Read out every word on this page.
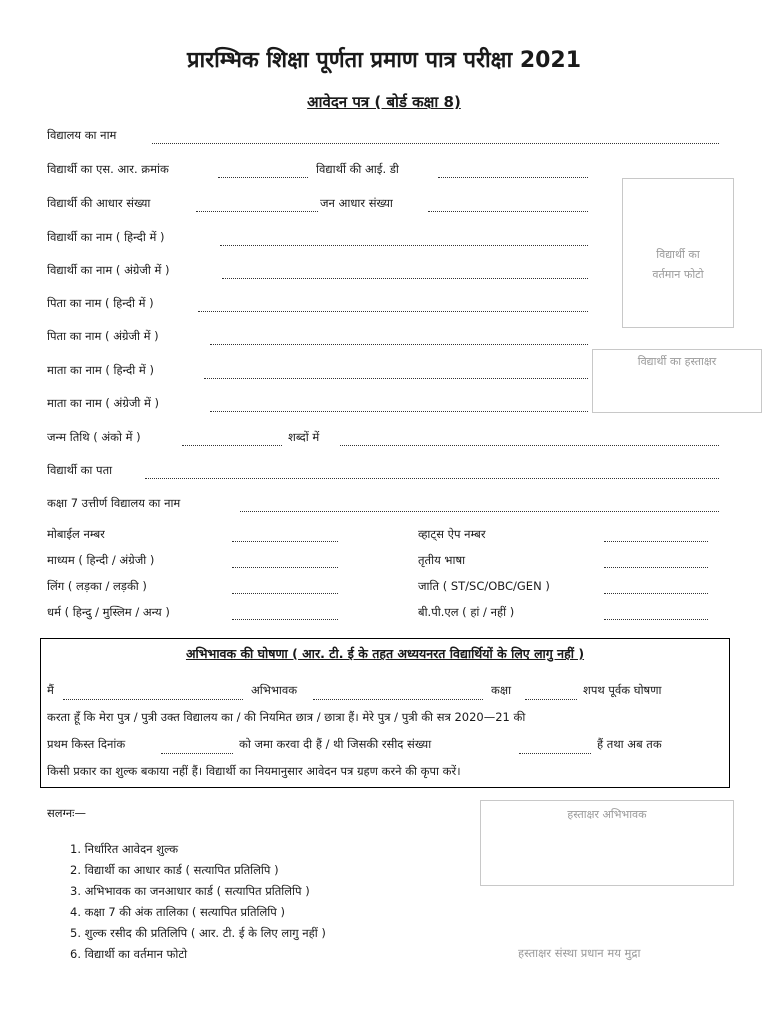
प्रारम्भिक शिक्षा पूर्णता प्रमाण पात्र परीक्षा 2021
आवेदन पत्र ( बोर्ड कक्षा 8)
विद्यालय का नाम
विद्यार्थी का एस. आर. क्रमांक	विद्यार्थी की आई. डी
विद्यार्थी की आधार संख्या	जन आधार संख्या
विद्यार्थी का नाम ( हिन्दी में )
विद्यार्थी का नाम ( अंग्रेजी में )
पिता का नाम ( हिन्दी में )
पिता का नाम ( अंग्रेजी में )
माता का नाम ( हिन्दी में )
माता का नाम ( अंग्रेजी में )
जन्म तिथि ( अंको में )	शब्दों में
विद्यार्थी का पता
कक्षा 7 उत्तीर्ण विद्यालय का नाम
मोबाईल नम्बर	व्हाट्स ऐप नम्बर
माध्यम ( हिन्दी / अंग्रेजी )	तृतीय भाषा
लिंग ( लड़का / लड़की )	जाति ( ST/SC/OBC/GEN )
धर्म ( हिन्दु / मुस्लिम / अन्य )	बी.पी.एल ( हां / नहीं )
विद्यार्थी का
वर्तमान फोटो
विद्यार्थी का हस्ताक्षर
अभिभावक की घोषणा ( आर. टी. ई के तहत अध्ययनरत विद्यार्थियों के लिए लागु नहीं )
मैं	अभिभावक	कक्षा	शपथ पूर्वक घोषणा
करता हूँ कि मेरा पुत्र / पुत्री उक्त विद्यालय का / की नियमित छात्र / छात्रा हैं। मेरे पुत्र / पुत्री की सत्र 2020—21 की
प्रथम किस्त दिनांक	को जमा करवा दी हैं / थी जिसकी रसीद संख्या	हैं तथा अब तक
किसी प्रकार का शुल्क बकाया नहीं हैं। विद्यार्थी का नियमानुसार आवेदन पत्र ग्रहण करने की कृपा करें।
सलग्नः—
1. निर्धारित आवेदन शुल्क
2. विद्यार्थी का आधार कार्ड ( सत्यापित प्रतिलिपि )
3. अभिभावक का जनआधार कार्ड ( सत्यापित प्रतिलिपि )
4. कक्षा 7 की अंक तालिका ( सत्यापित प्रतिलिपि )
5. शुल्क रसीद की प्रतिलिपि ( आर. टी. ई के लिए लागु नहीं )
6. विद्यार्थी का वर्तमान फोटो
हस्ताक्षर अभिभावक
हस्ताक्षर संस्था प्रधान मय मुद्रा
